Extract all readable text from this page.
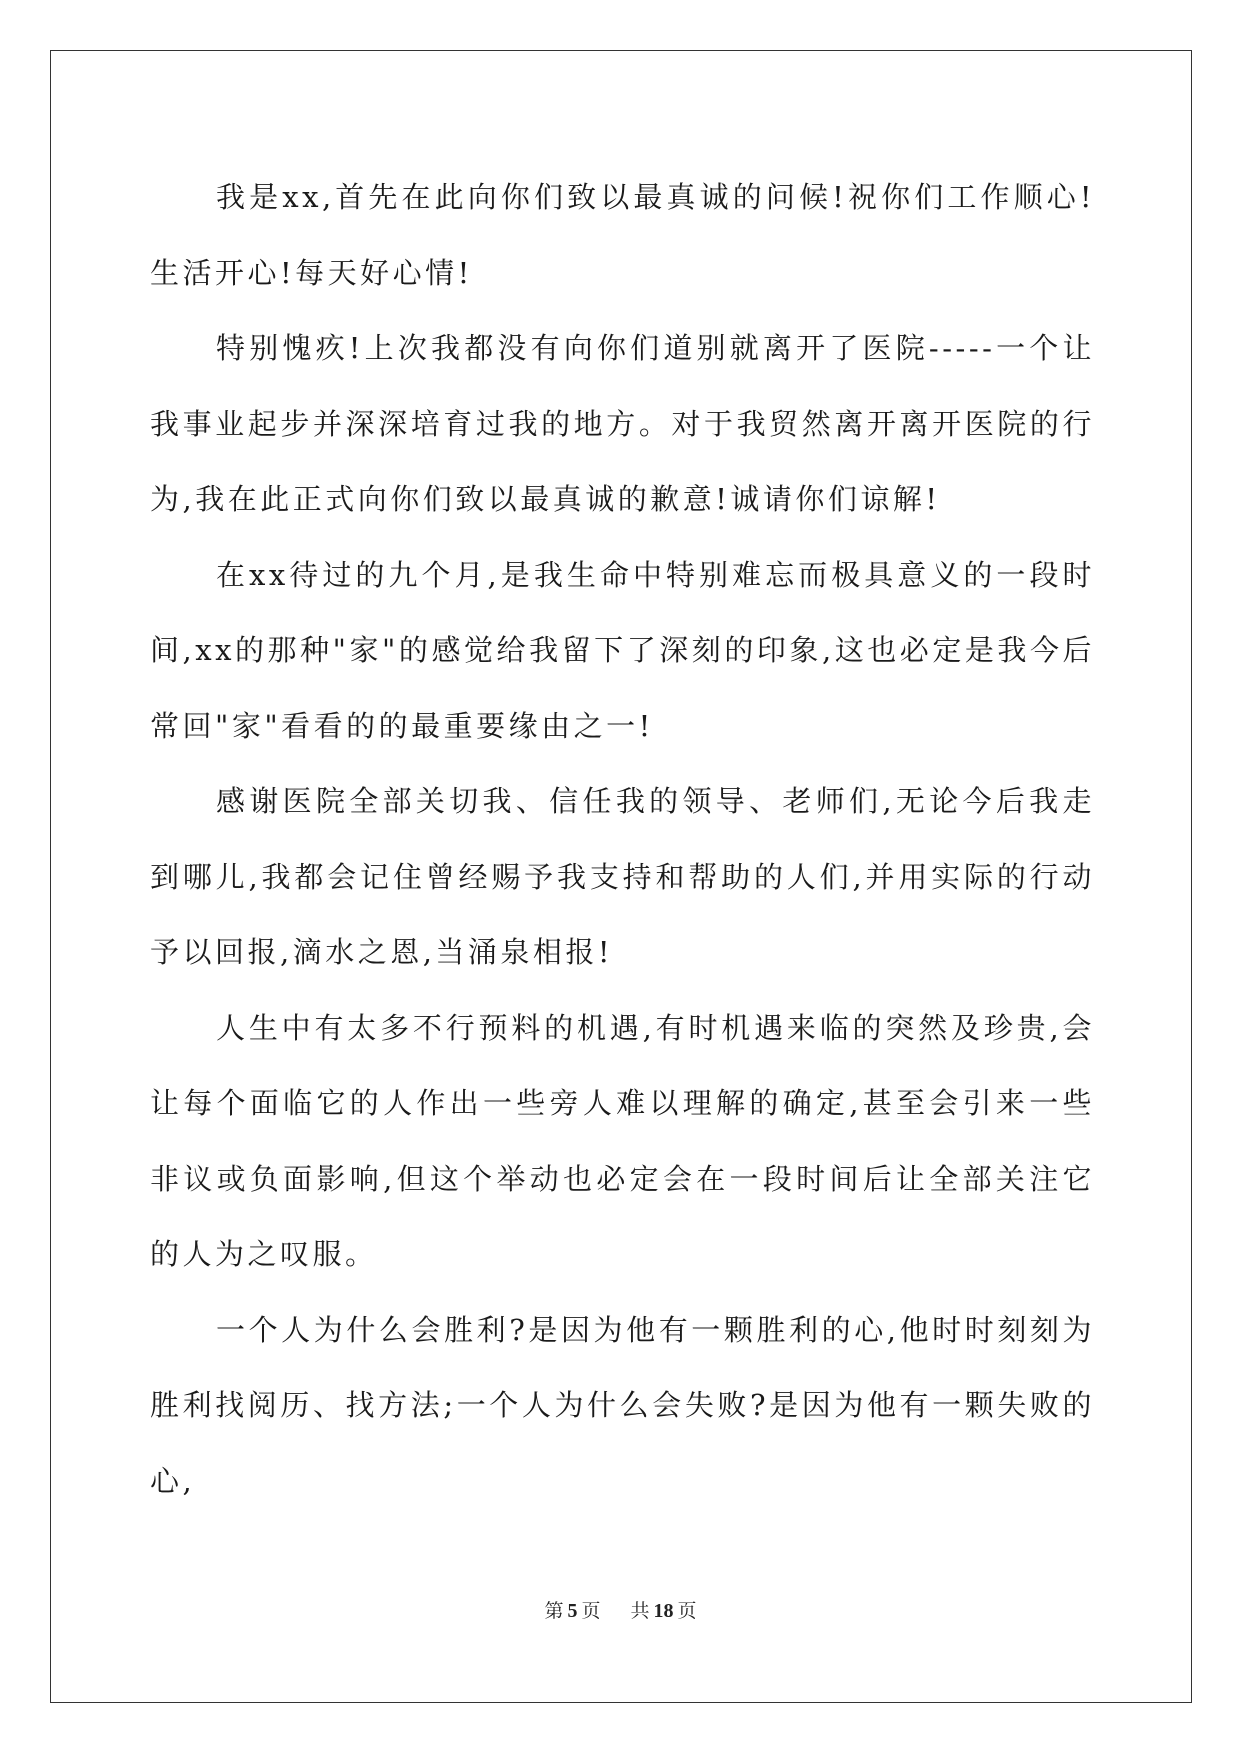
我是xx,首先在此向你们致以最真诚的问候!祝你们工作顺心!生活开心!每天好心情!

特别愧疚!上次我都没有向你们道别就离开了医院-----一个让我事业起步并深深培育过我的地方。对于我贸然离开离开医院的行为,我在此正式向你们致以最真诚的歉意!诚请你们谅解!

在xx待过的九个月,是我生命中特别难忘而极具意义的一段时间,xx的那种"家"的感觉给我留下了深刻的印象,这也必定是我今后常回"家"看看的的最重要缘由之一!

感谢医院全部关切我、信任我的领导、老师们,无论今后我走到哪儿,我都会记住曾经赐予我支持和帮助的人们,并用实际的行动予以回报,滴水之恩,当涌泉相报!

人生中有太多不行预料的机遇,有时机遇来临的突然及珍贵,会让每个面临它的人作出一些旁人难以理解的确定,甚至会引来一些非议或负面影响,但这个举动也必定会在一段时间后让全部关注它的人为之叹服。

一个人为什么会胜利?是因为他有一颗胜利的心,他时时刻刻为胜利找阅历、找方法;一个人为什么会失败?是因为他有一颗失败的心,

第 5 页 共 18 页
